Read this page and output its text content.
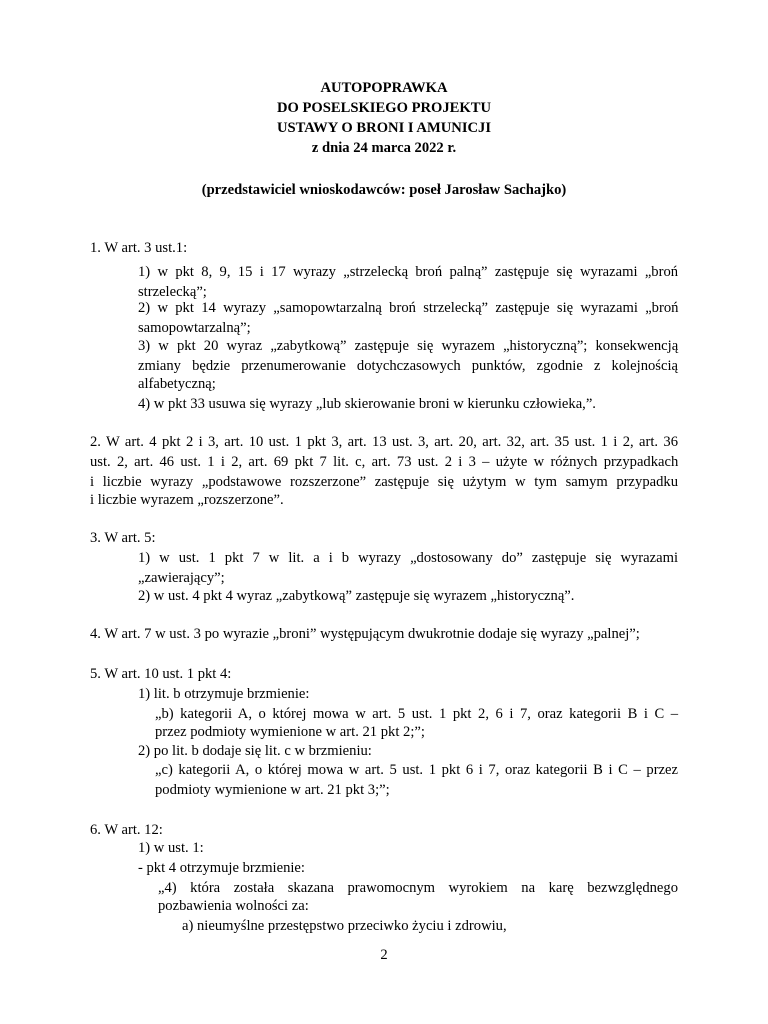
AUTOPOPRAWKA
DO POSELSKIEGO PROJEKTU
USTAWY O BRONI I AMUNICJI
z dnia 24 marca 2022 r.
(przedstawiciel wnioskodawców: poseł Jarosław Sachajko)
1. W art. 3 ust.1:
1) w pkt 8, 9, 15 i 17 wyrazy „strzelecką broń palną” zastępuje się wyrazami „broń
strzelecką”;
2) w pkt 14 wyrazy „samopowtarzalną broń strzelecką” zastępuje się wyrazami „broń
samopowtarzalną”;
3) w pkt 20 wyraz „zabytkową” zastępuje się wyrazem „historyczną”; konsekwencją
zmiany będzie przenumerowanie dotychczasowych punktów, zgodnie z kolejnością
alfabetyczną;
4) w pkt 33 usuwa się wyrazy „lub skierowanie broni w kierunku człowieka,”.
2. W art. 4 pkt 2 i 3, art. 10 ust. 1 pkt 3, art. 13 ust. 3, art. 20, art. 32, art. 35 ust. 1 i 2, art. 36
ust. 2, art. 46 ust. 1 i 2, art. 69 pkt 7 lit. c, art. 73 ust. 2 i 3 – użyte w różnych przypadkach
i liczbie wyrazy „podstawowe rozszerzone” zastępuje się użytym w tym samym przypadku
i liczbie wyrazem „rozszerzone”.
3. W art. 5:
1) w ust. 1 pkt 7 w lit. a i b wyrazy „dostosowany do” zastępuje się wyrazami
„zawierający”;
2) w ust. 4 pkt 4 wyraz „zabytkową” zastępuje się wyrazem „historyczną”.
4. W art. 7 w ust. 3 po wyrazie „broni” występującym dwukrotnie dodaje się wyrazy „palnej”;
5. W art. 10 ust. 1 pkt 4:
1) lit. b otrzymuje brzmienie:
„b) kategorii A, o której mowa w art. 5 ust. 1 pkt 2, 6 i 7, oraz kategorii B i C –
przez podmioty wymienione w art. 21 pkt 2;”;
2) po lit. b dodaje się lit. c w brzmieniu:
„c) kategorii A, o której mowa w art. 5 ust. 1 pkt 6 i 7, oraz kategorii B i C – przez
podmioty wymienione w art. 21 pkt 3;”;
6. W art. 12:
1) w ust. 1:
- pkt 4 otrzymuje brzmienie:
„4) która została skazana prawomocnym wyrokiem na karę bezwzględnego
pozbawienia wolności za:
a) nieumyślne przestępstwo przeciwko życiu i zdrowiu,
2
